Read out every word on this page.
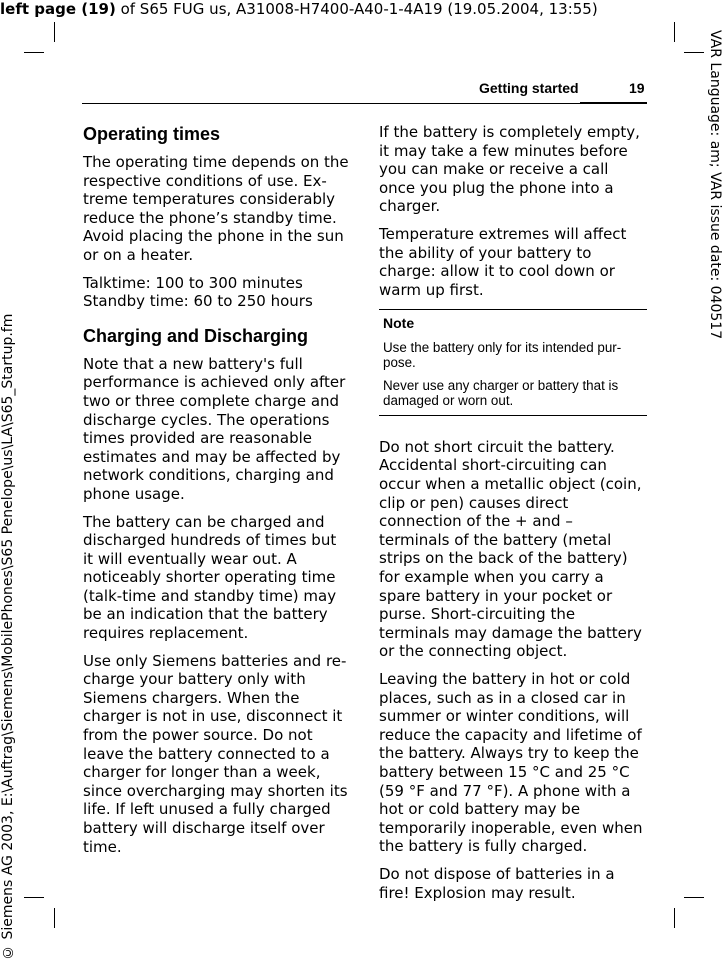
left page (19) of S65 FUG us, A31008-H7400-A40-1-4A19 (19.05.2004, 13:55)
VAR Language: am; VAR issue date: 040517
© Siemens AG 2003, E:\Auftrag\Siemens\MobilePhones\S65 Penelope\us\LA\S65_Startup.fm
Getting started	19
Operating times

The operating time depends on the respective conditions of use. Extreme temperatures considerably reduce the phone’s standby time. Avoid placing the phone in the sun or on a heater.

Talktime: 100 to 300 minutes

Standby time: 60 to 250 hours

Charging and Discharging

Note that a new battery's full performance is achieved only after two or three complete charge and discharge cycles. The operations times provided are reasonable estimates and may be affected by network conditions, charging and phone usage.

The battery can be charged and discharged hundreds of times but it will eventually wear out. A noticeably shorter operating time (talk-time and standby time) may be an indication that the battery requires replacement.

Use only Siemens batteries and recharge your battery only with Siemens chargers. When the charger is not in use, disconnect it from the power source. Do not leave the battery connected to a charger for longer than a week, since overcharging may shorten its life. If left unused a fully charged battery will discharge itself over time.

If the battery is completely empty, it may take a few minutes before you can make or receive a call once you plug the phone into a charger.

Temperature extremes will affect the ability of your battery to charge: allow it to cool down or warm up first.

Note

Use the battery only for its intended purpose.

Never use any charger or battery that is damaged or worn out.

Do not short circuit the battery. Accidental short-circuiting can occur when a metallic object (coin, clip or pen) causes direct connection of the + and – terminals of the battery (metal strips on the back of the battery) for example when you carry a spare battery in your pocket or purse. Short-circuiting the terminals may damage the battery or the connecting object.

Leaving the battery in hot or cold places, such as in a closed car in summer or winter conditions, will reduce the capacity and lifetime of the battery. Always try to keep the battery between 15 °C and 25 °C (59 °F and 77 °F). A phone with a hot or cold battery may be temporarily inoperable, even when the battery is fully charged.

Do not dispose of batteries in a fire! Explosion may result.
